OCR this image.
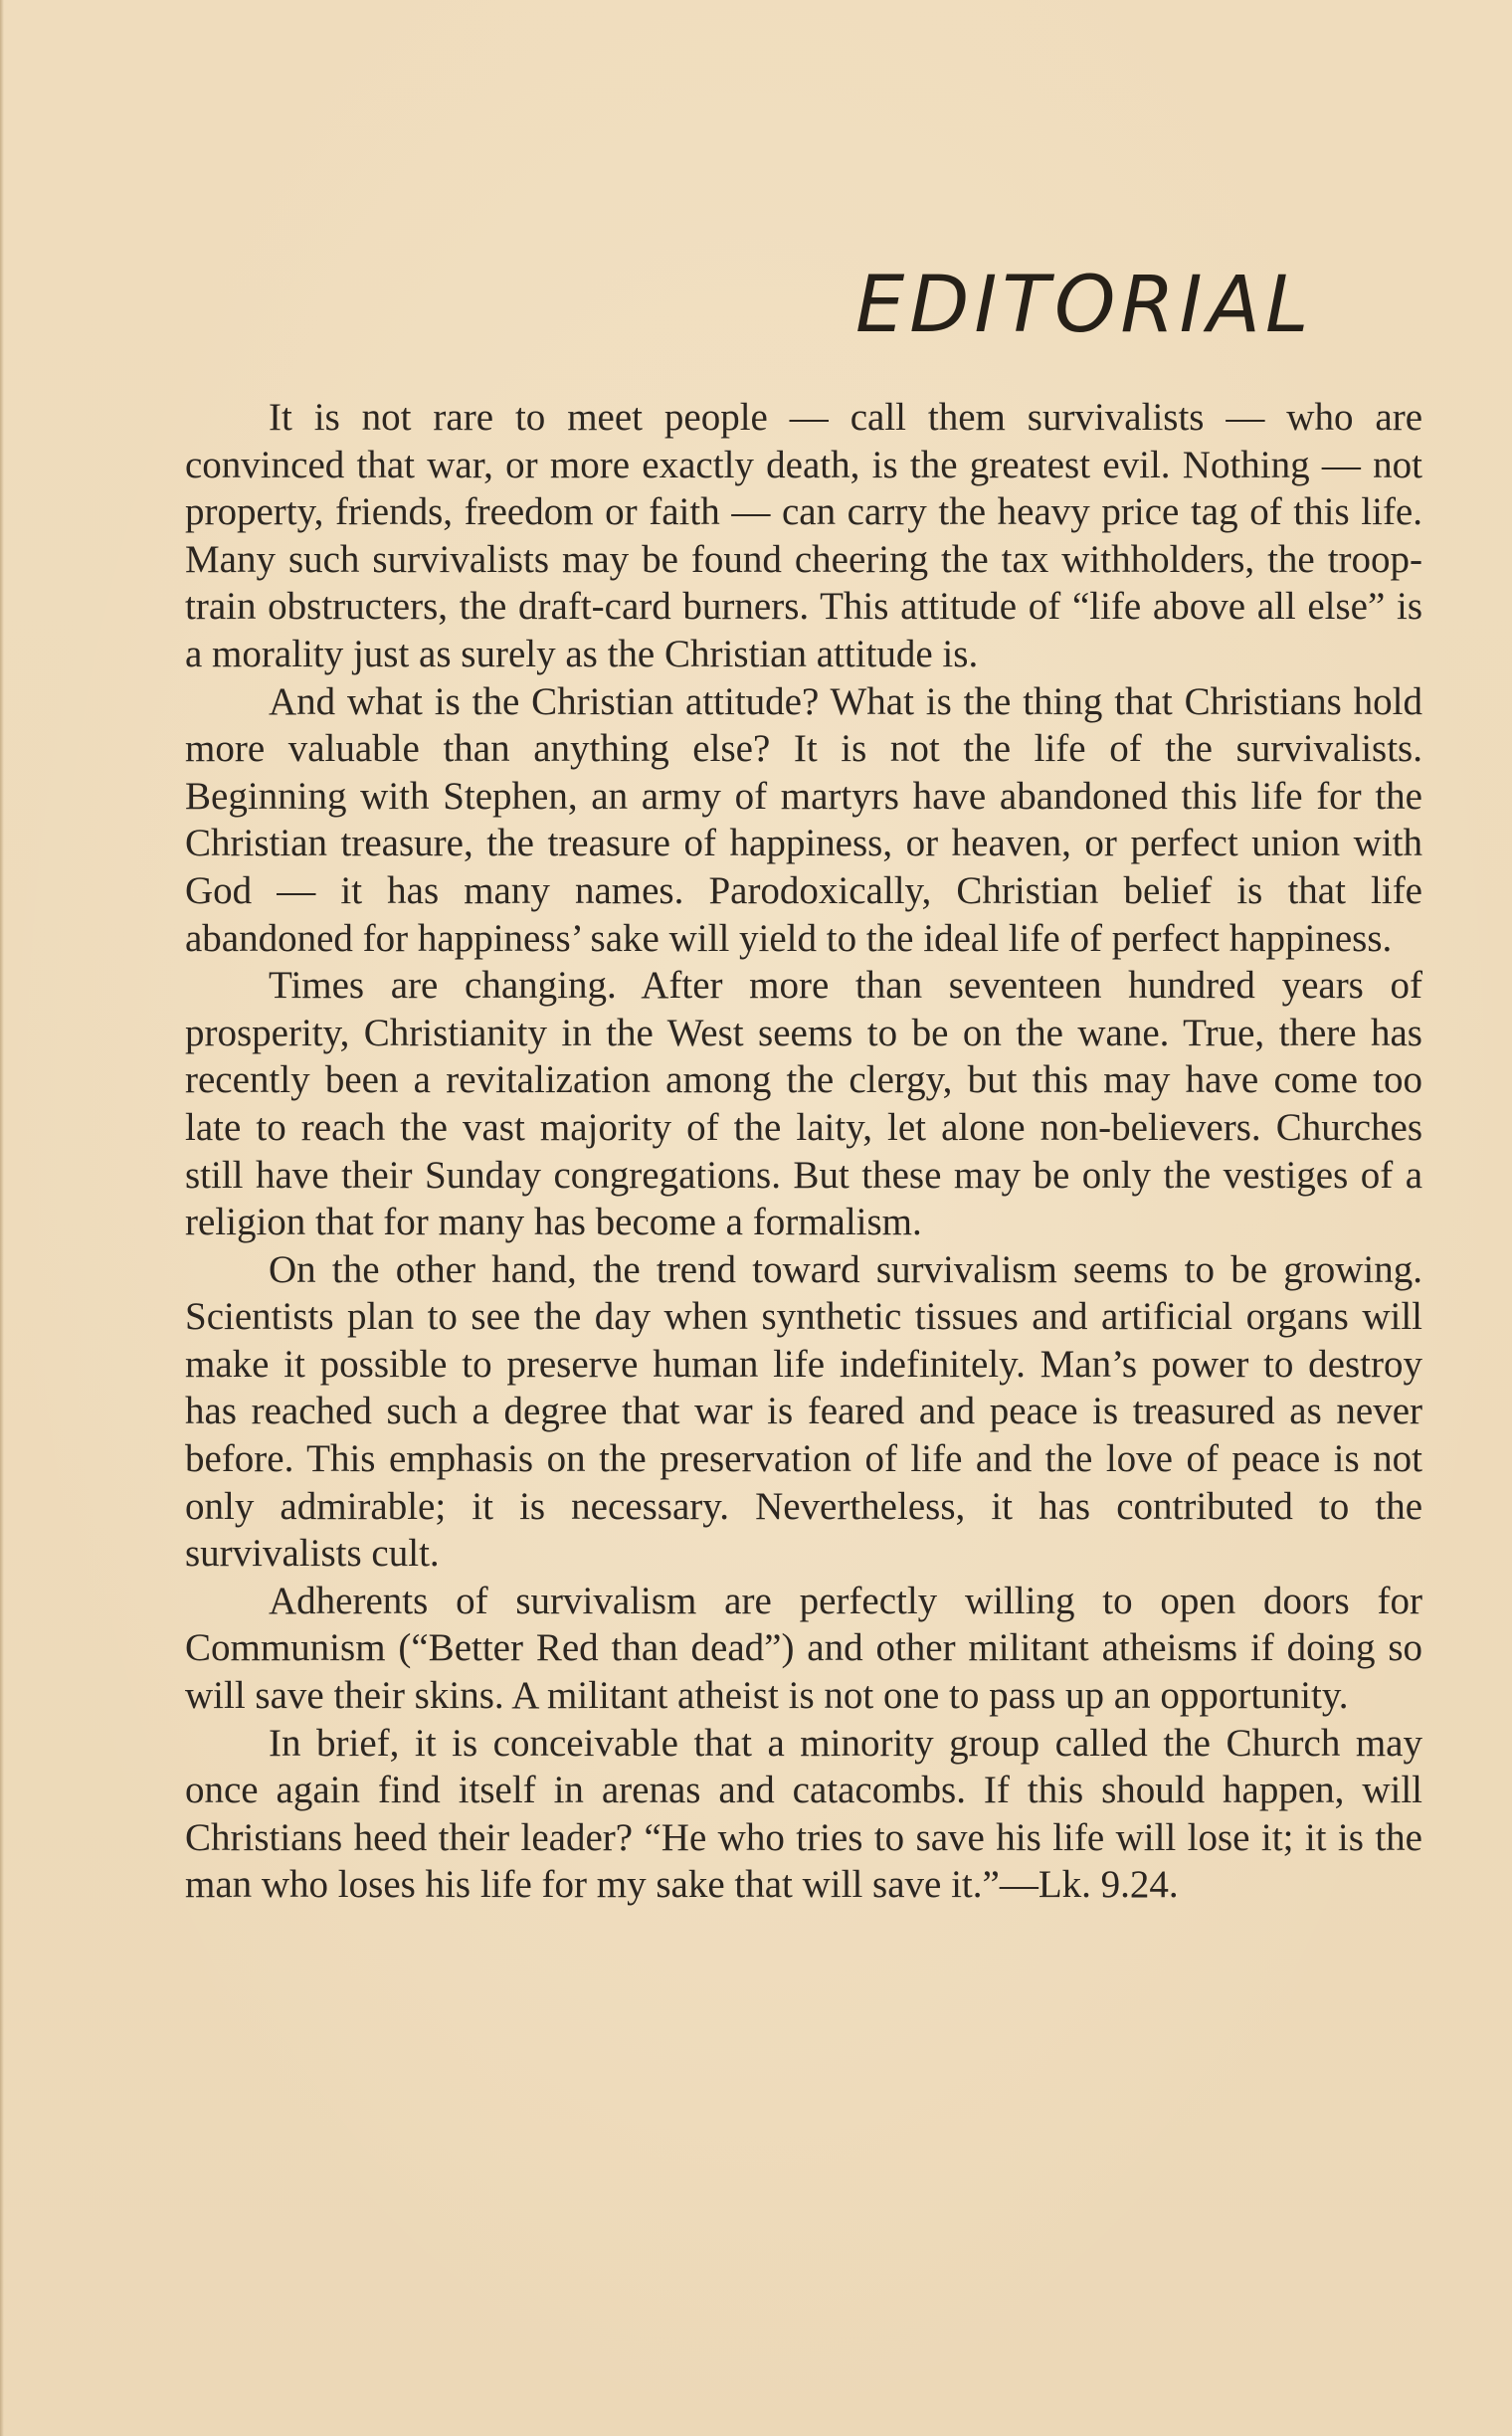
EDITORIAL

It is not rare to meet people — call them survivalists — who are convinced that war, or more exactly death, is the greatest evil. Nothing — not property, friends, freedom or faith — can carry the heavy price tag of this life. Many such survivalists may be found cheering the tax withholders, the troop-train obstructers, the draft-card burners. This attitude of “life above all else” is a morality just as surely as the Christian attitude is.

And what is the Christian attitude? What is the thing that Christians hold more valuable than anything else? It is not the life of the survivalists. Beginning with Stephen, an army of martyrs have abandoned this life for the Christian treasure, the treasure of happiness, or heaven, or perfect union with God — it has many names. Parodoxically, Christian belief is that life abandoned for happiness’ sake will yield to the ideal life of perfect happiness.

Times are changing. After more than seventeen hundred years of prosperity, Christianity in the West seems to be on the wane. True, there has recently been a revitalization among the clergy, but this may have come too late to reach the vast majority of the laity, let alone non-believers. Churches still have their Sunday congregations. But these may be only the vestiges of a religion that for many has become a formalism.

On the other hand, the trend toward survivalism seems to be growing. Scientists plan to see the day when synthetic tissues and artificial organs will make it possible to preserve human life indefinitely. Man’s power to destroy has reached such a degree that war is feared and peace is treasured as never before. This emphasis on the preservation of life and the love of peace is not only admirable; it is necessary. Nevertheless, it has contributed to the survivalists cult.

Adherents of survivalism are perfectly willing to open doors for Communism (“Better Red than dead”) and other militant atheisms if doing so will save their skins. A militant atheist is not one to pass up an opportunity.

In brief, it is conceivable that a minority group called the Church may once again find itself in arenas and catacombs. If this should happen, will Christians heed their leader? “He who tries to save his life will lose it; it is the man who loses his life for my sake that will save it.”—Lk. 9.24.
